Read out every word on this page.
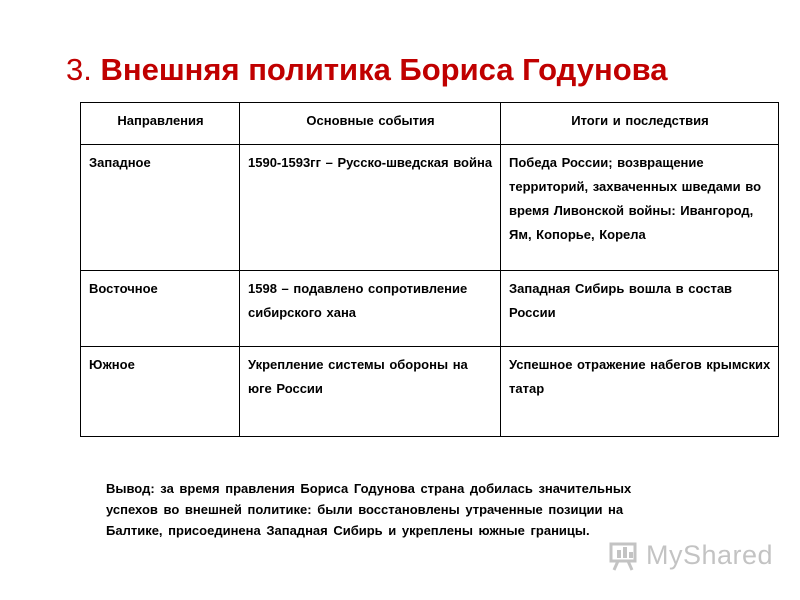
3. Внешняя политика Бориса Годунова
Направления	Основные события	Итоги и последствия
Западное	1590-1593гг – Русско-шведская война	Победа России; возвращение территорий, захваченных шведами во время Ливонской войны: Ивангород, Ям, Копорье, Корела
Восточное	1598 – подавлено сопротивление сибирского хана	Западная Сибирь вошла в состав России
Южное	Укрепление системы обороны на юге России	Успешное отражение набегов крымских татар
Вывод: за время правления Бориса Годунова страна добилась значительных успехов во внешней политике: были восстановлены утраченные позиции на Балтике, присоединена Западная Сибирь и укреплены южные границы.
MyShared
